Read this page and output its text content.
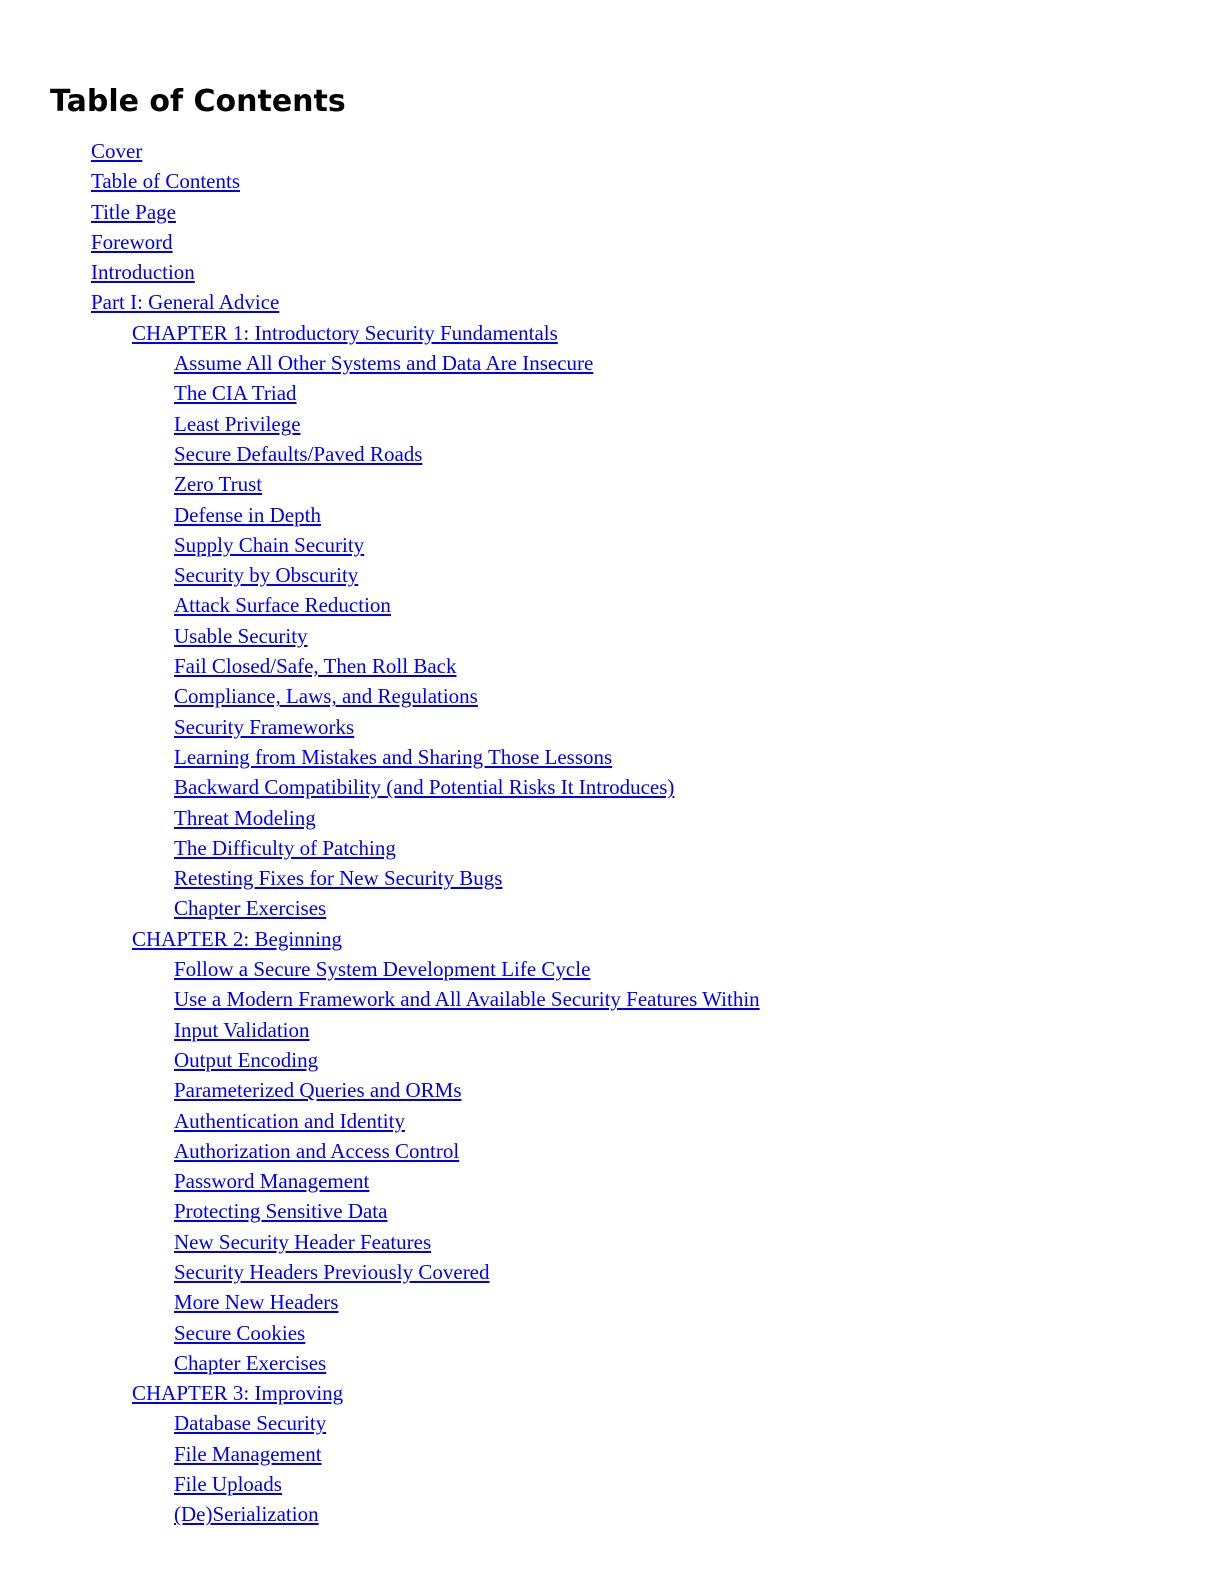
Table of Contents
Cover
Table of Contents
Title Page
Foreword
Introduction
Part I: General Advice
CHAPTER 1: Introductory Security Fundamentals
Assume All Other Systems and Data Are Insecure
The CIA Triad
Least Privilege
Secure Defaults/Paved Roads
Zero Trust
Defense in Depth
Supply Chain Security
Security by Obscurity
Attack Surface Reduction
Usable Security
Fail Closed/Safe, Then Roll Back
Compliance, Laws, and Regulations
Security Frameworks
Learning from Mistakes and Sharing Those Lessons
Backward Compatibility (and Potential Risks It Introduces)
Threat Modeling
The Difficulty of Patching
Retesting Fixes for New Security Bugs
Chapter Exercises
CHAPTER 2: Beginning
Follow a Secure System Development Life Cycle
Use a Modern Framework and All Available Security Features Within
Input Validation
Output Encoding
Parameterized Queries and ORMs
Authentication and Identity
Authorization and Access Control
Password Management
Protecting Sensitive Data
New Security Header Features
Security Headers Previously Covered
More New Headers
Secure Cookies
Chapter Exercises
CHAPTER 3: Improving
Database Security
File Management
File Uploads
(De)Serialization
